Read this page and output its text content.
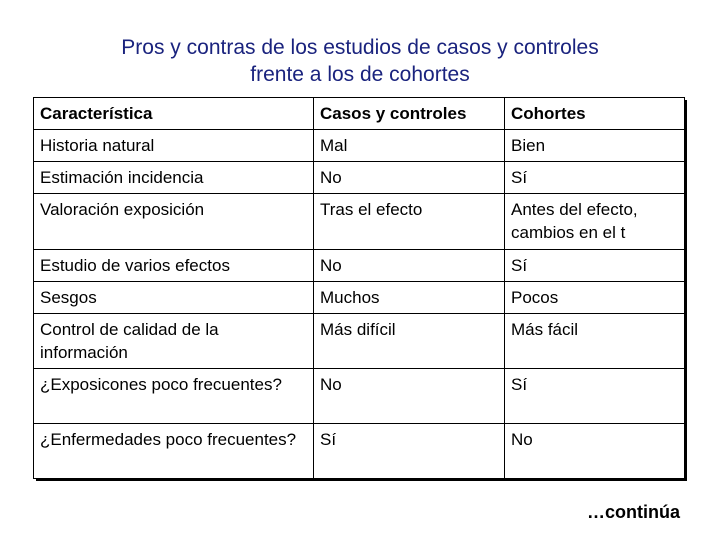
Pros y contras de los estudios de casos y controles
frente a los de cohortes
Característica	Casos y controles	Cohortes
Historia natural	Mal	Bien
Estimación incidencia	No	Sí
Valoración exposición	Tras el efecto	Antes del efecto, cambios en el t
Estudio de varios efectos	No	Sí
Sesgos	Muchos	Pocos
Control de calidad de la información	Más difícil	Más fácil
¿Exposicones poco frecuentes?	No	Sí
¿Enfermedades poco frecuentes?	Sí	No
…continúa
